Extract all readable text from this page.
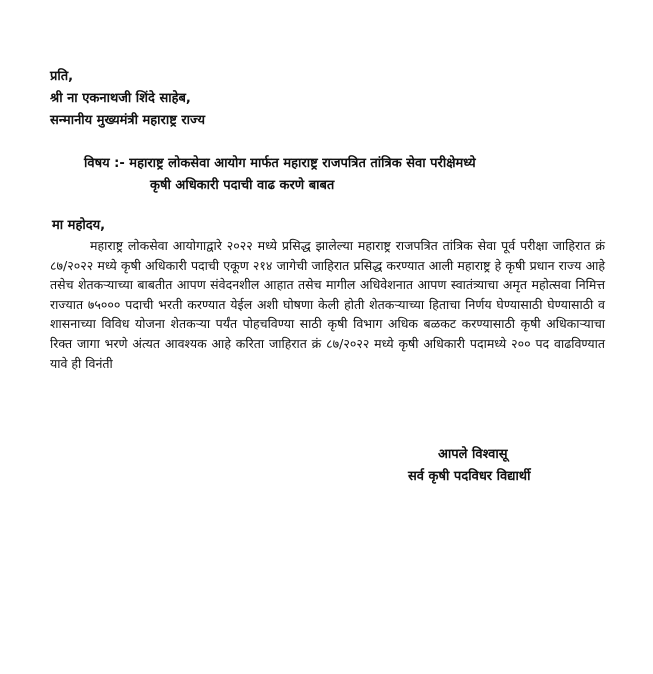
प्रति,
श्री ना एकनाथजी शिंदे साहेब,
सन्मानीय मुख्यमंत्री महाराष्ट्र राज्य
विषय :- महाराष्ट्र लोकसेवा आयोग मार्फत महाराष्ट्र राजपत्रित तांत्रिक सेवा परीक्षेमध्ये
कृषी अधिकारी पदाची वाढ करणे बाबत
मा महोदय,
महाराष्ट्र लोकसेवा आयोगाद्वारे २०२२ मध्ये प्रसिद्ध झालेल्या महाराष्ट्र राजपत्रित तांत्रिक सेवा पूर्व परीक्षा जाहिरात क्रं ८७/२०२२ मध्ये कृषी अधिकारी पदाची एकूण २१४ जागेची जाहिरात प्रसिद्ध करण्यात आली महाराष्ट्र हे कृषी प्रधान राज्य आहे तसेच शेतकऱ्याच्या बाबतीत आपण संवेदनशील आहात तसेच मागील अधिवेशनात आपण स्वातंत्र्याचा अमृत महोत्सवा निमित्त राज्यात ७५००० पदाची भरती करण्यात येईल अशी घोषणा केली होती शेतकऱ्याच्या हिताचा निर्णय घेण्यासाठी घेण्यासाठी व शासनाच्या विविध योजना शेतकऱ्या पर्यंत पोहचविण्या साठी कृषी विभाग अधिक बळकट करण्यासाठी कृषी अधिकाऱ्याचा रिक्त जागा भरणे अंत्यत आवश्यक आहे करिता जाहिरात क्रं ८७/२०२२ मध्ये कृषी अधिकारी पदामध्ये २०० पद वाढविण्यात यावे ही विनंती
आपले विश्वासू
सर्व कृषी पदविधर विद्यार्थी
